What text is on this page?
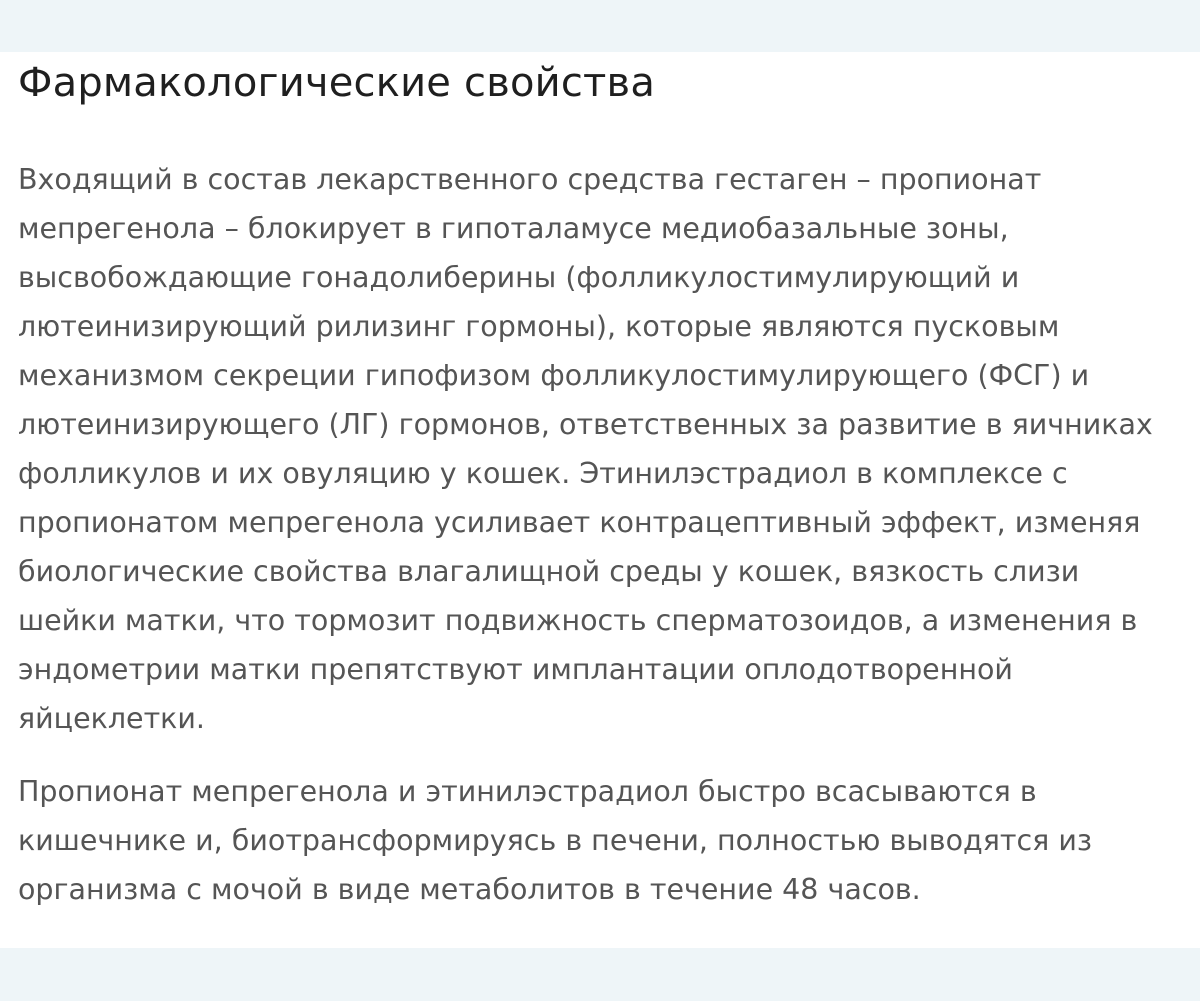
Фармакологические свойства

Входящий в состав лекарственного средства гестаген – пропионат
мепрегенола – блокирует в гипоталамусе медиобазальные зоны,
высвобождающие гонадолиберины (фолликулостимулирующий и
лютеинизирующий рилизинг гормоны), которые являются пусковым
механизмом секреции гипофизом фолликулостимулирующего (ФСГ) и
лютеинизирующего (ЛГ) гормонов, ответственных за развитие в яичниках
фолликулов и их овуляцию у кошек. Этинилэстрадиол в комплексе с
пропионатом мепрегенола усиливает контрацептивный эффект, изменяя
биологические свойства влагалищной среды у кошек, вязкость слизи
шейки матки, что тормозит подвижность сперматозоидов, а изменения в
эндометрии матки препятствуют имплантации оплодотворенной
яйцеклетки.

Пропионат мепрегенола и этинилэстрадиол быстро всасываются в
кишечнике и, биотрансформируясь в печени, полностью выводятся из
организма с мочой в виде метаболитов в течение 48 часов.
